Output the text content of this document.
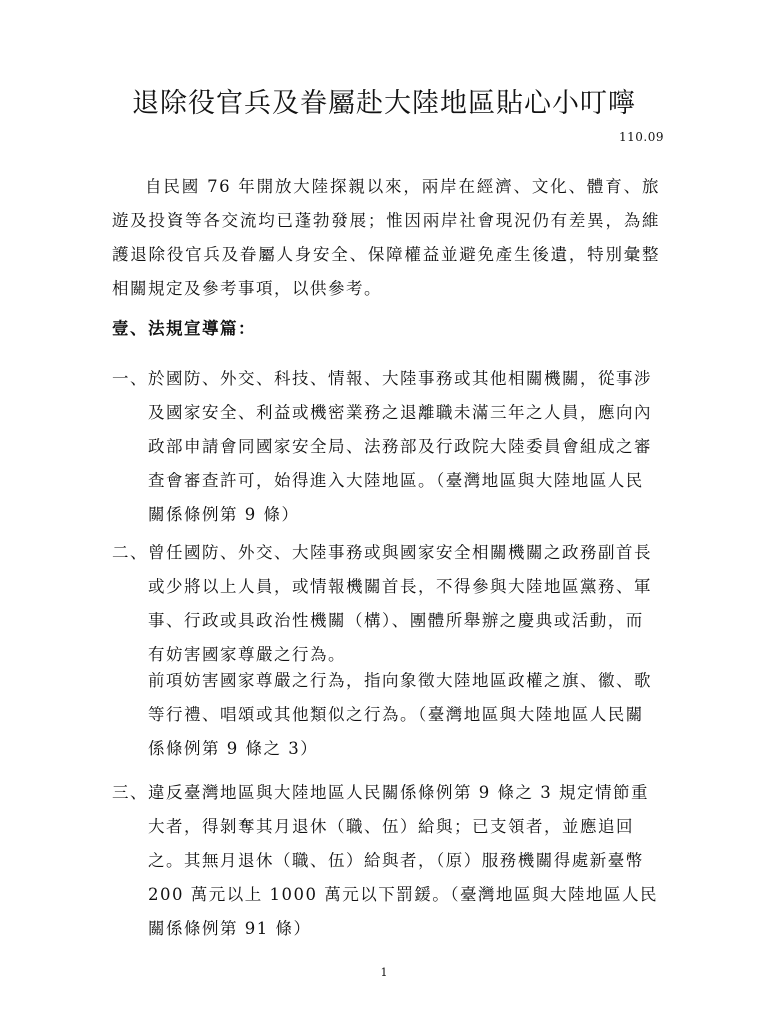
退除役官兵及眷屬赴大陸地區貼心小叮嚀
110.09
自民國 76 年開放大陸探親以來，兩岸在經濟、文化、體育、旅遊及投資等各交流均已蓬勃發展；惟因兩岸社會現況仍有差異，為維護退除役官兵及眷屬人身安全、保障權益並避免產生後遺，特別彙整相關規定及參考事項，以供參考。
壹、法規宣導篇：
一、於國防、外交、科技、情報、大陸事務或其他相關機關，從事涉及國家安全、利益或機密業務之退離職未滿三年之人員，應向內政部申請會同國家安全局、法務部及行政院大陸委員會組成之審查會審查許可，始得進入大陸地區。（臺灣地區與大陸地區人民關係條例第 9 條）
二、曾任國防、外交、大陸事務或與國家安全相關機關之政務副首長或少將以上人員，或情報機關首長，不得參與大陸地區黨務、軍事、行政或具政治性機關（構）、團體所舉辦之慶典或活動，而有妨害國家尊嚴之行為。
前項妨害國家尊嚴之行為，指向象徵大陸地區政權之旗、徽、歌等行禮、唱頌或其他類似之行為。（臺灣地區與大陸地區人民關係條例第 9 條之 3）
三、違反臺灣地區與大陸地區人民關係條例第 9 條之 3 規定情節重大者，得剝奪其月退休（職、伍）給與；已支領者，並應追回之。其無月退休（職、伍）給與者，（原）服務機關得處新臺幣 200 萬元以上 1000 萬元以下罰鍰。（臺灣地區與大陸地區人民關係條例第 91 條）
1
